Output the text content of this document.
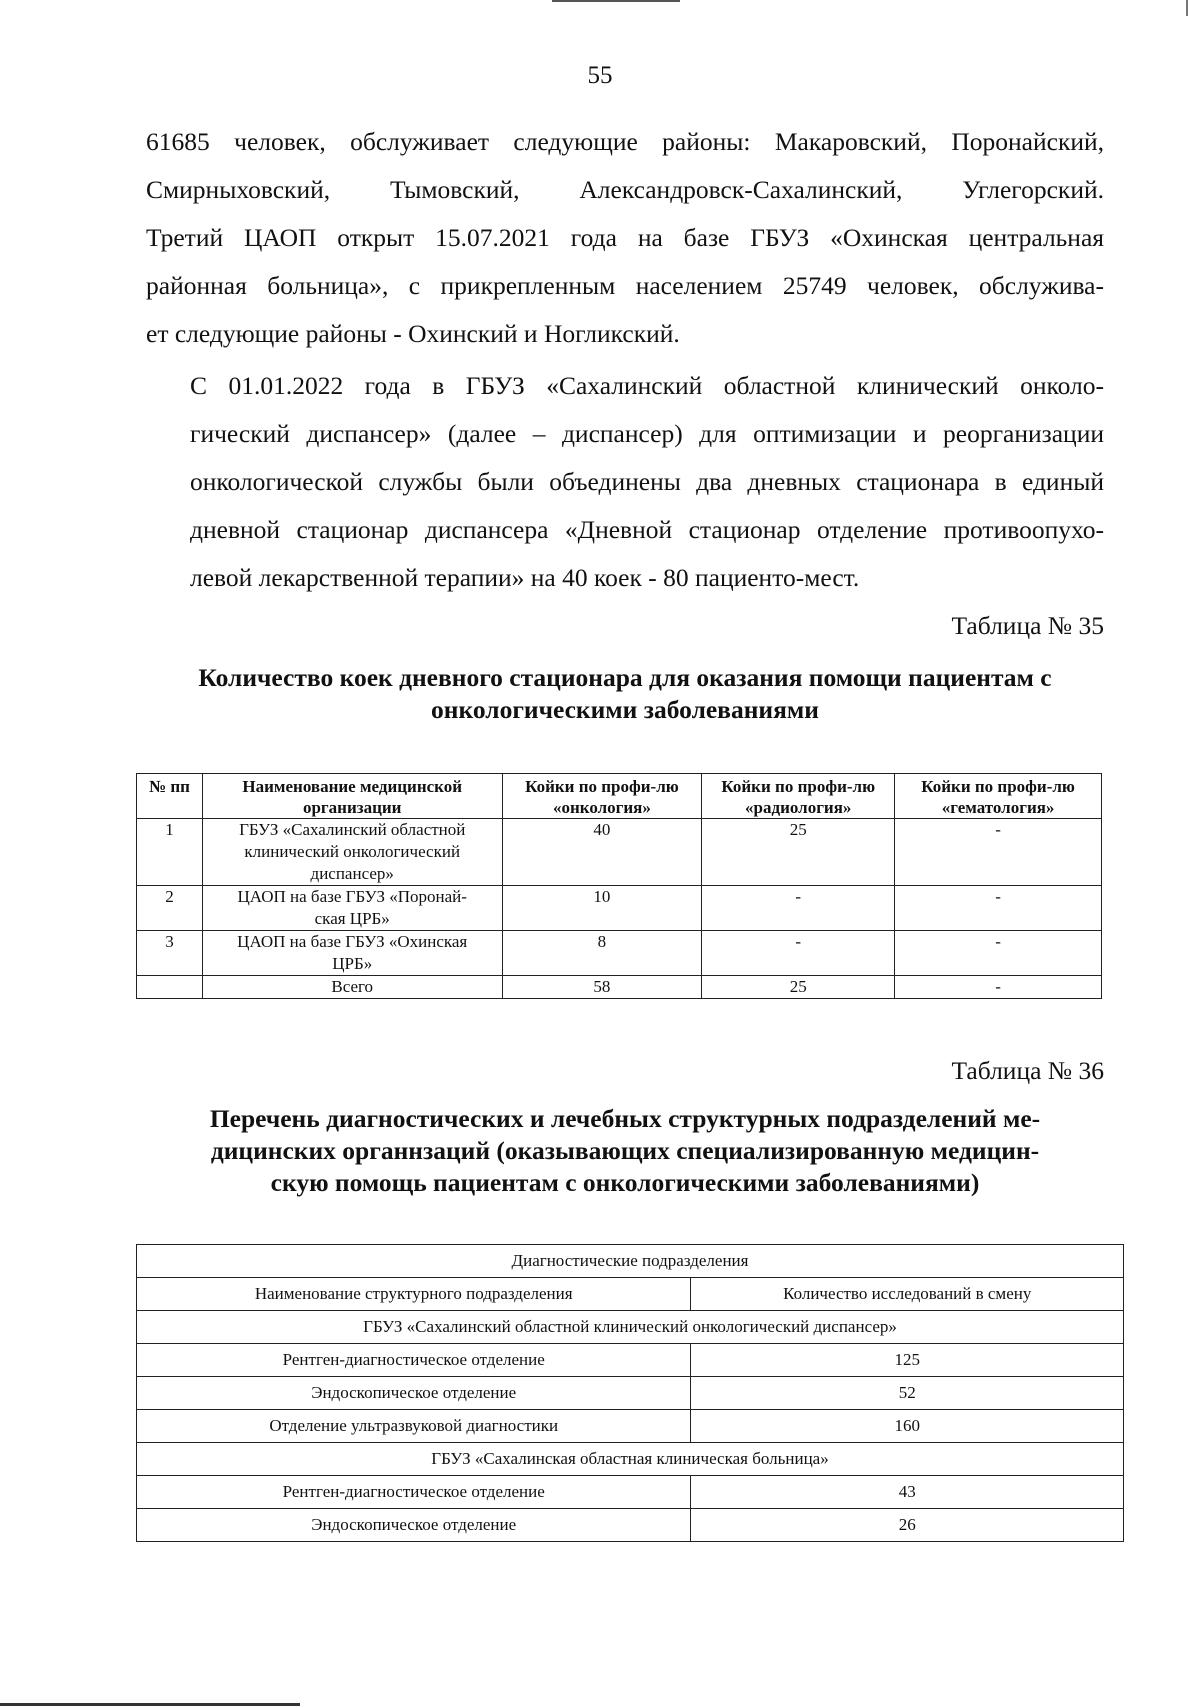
55
61685 человек, обслуживает следующие районы: Макаровский, Поронайский,
Смирныховский, Тымовский, Александровск-Сахалинский, Углегорский.
Третий ЦАОП открыт 15.07.2021 года на базе ГБУЗ «Охинская центральная
районная больница», с прикрепленным населением 25749 человек, обслужива-
ет следующие районы - Охинский и Ногликский.
С 01.01.2022 года в ГБУЗ «Сахалинский областной клинический онколо-
гический диспансер» (далее – диспансер) для оптимизации и реорганизации
онкологической службы были объединены два дневных стационара в единый
дневной стационар диспансера «Дневной стационар отделение противоопухо-
левой лекарственной терапии» на 40 коек - 80 пациенто-мест.
Таблица № 35
Количество коек дневного стационара для оказания помощи пациентам с
онкологическими заболеваниями
№ пп	Наименование медицинской организации	Койки по профи-лю «онкология»	Койки по профи-лю «радиология»	Койки по профи-лю «гематология»
1	ГБУЗ «Сахалинский областной
клинический онкологический
диспансер»	40	25	-
2	ЦАОП на базе ГБУЗ «Поронай-
ская ЦРБ»	10	-	-
3	ЦАОП на базе ГБУЗ «Охинская
ЦРБ»	8	-	-
	Всего	58	25	-
Таблица № 36
Перечень диагностических и лечебных структурных подразделений ме-
дицинских органнзаций (оказывающих специализированную медицин-
скую помощь пациентам с онкологическими заболеваниями)
Диагностические подразделения	
Наименование структурного подразделения	Количество исследований в смену
ГБУЗ «Сахалинский областной клинический онкологический диспансер»	
Рентген-диагностическое отделение	125
Эндоскопическое отделение	52
Отделение ультразвуковой диагностики	160
ГБУЗ «Сахалинская областная клиническая больница»	
Рентген-диагностическое отделение	43
Эндоскопическое отделение	26
